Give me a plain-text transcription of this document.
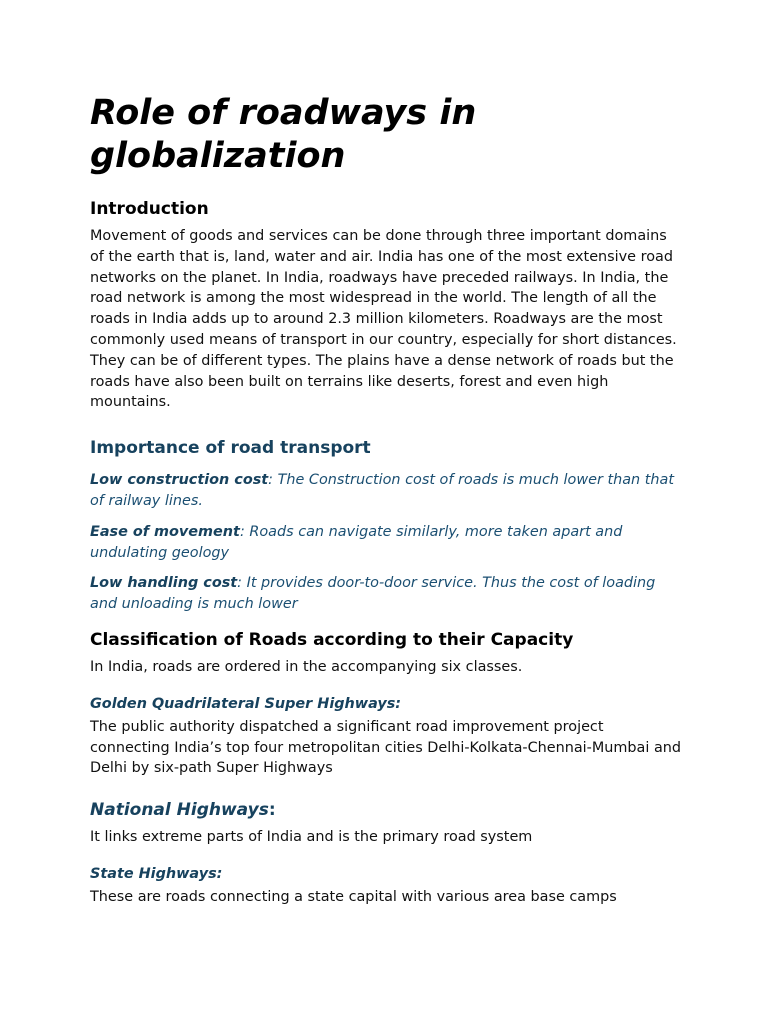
Role of roadways in globalization
Introduction

Movement of goods and services can be done through three important domains of the earth that is, land, water and air. India has one of the most extensive road networks on the planet. In India, roadways have preceded railways. In India, the road network is among the most widespread in the world. The length of all the roads in India adds up to around 2.3 million kilometers. Roadways are the most commonly used means of transport in our country, especially for short distances. They can be of different types. The plains have a dense network of roads but the roads have also been built on terrains like deserts, forest and even high mountains.

Importance of road transport

Low construction cost: The Construction cost of roads is much lower than that of railway lines.

Ease of movement: Roads can navigate similarly, more taken apart and undulating geology

Low handling cost: It provides door-to-door service. Thus the cost of loading and unloading is much lower

Classification of Roads according to their Capacity

In India, roads are ordered in the accompanying six classes.

Golden Quadrilateral Super Highways:

The public authority dispatched a significant road improvement project connecting India’s top four metropolitan cities Delhi-Kolkata-Chennai-Mumbai and Delhi by six-path Super Highways

National Highways:

It links extreme parts of India and is the primary road system

State Highways:

These are roads connecting a state capital with various area base camps
